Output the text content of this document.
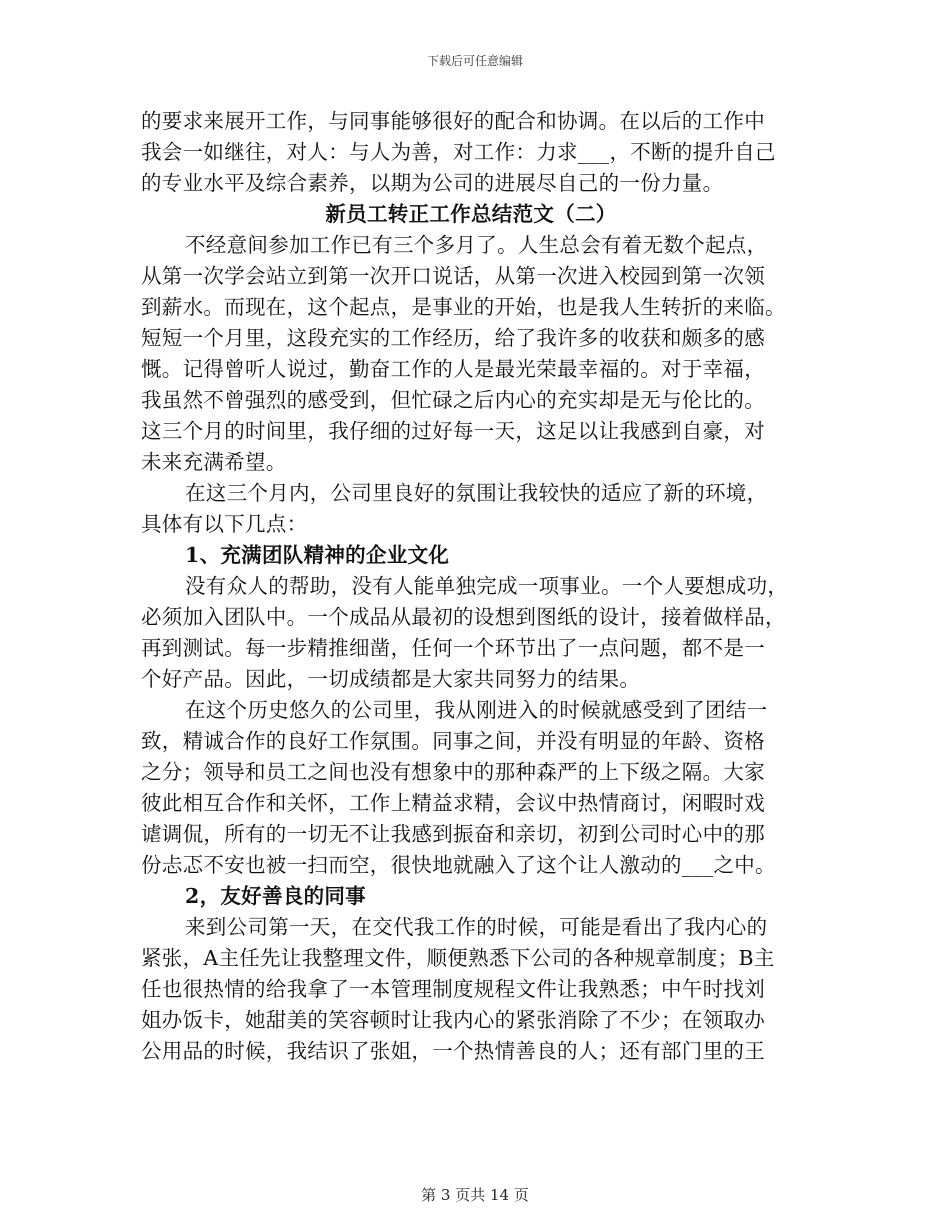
下载后可任意编辑
的要求来展开工作，与同事能够很好的配合和协调。在以后的工作中
我会一如继往，对人：与人为善，对工作：力求___，不断的提升自己
的专业水平及综合素养，以期为公司的进展尽自己的一份力量。
新员工转正工作总结范文（二）
不经意间参加工作已有三个多月了。人生总会有着无数个起点，
从第一次学会站立到第一次开口说话，从第一次进入校园到第一次领
到薪水。而现在，这个起点，是事业的开始，也是我人生转折的来临。
短短一个月里，这段充实的工作经历，给了我许多的收获和颇多的感
慨。记得曾听人说过，勤奋工作的人是最光荣最幸福的。对于幸福，
我虽然不曾强烈的感受到，但忙碌之后内心的充实却是无与伦比的。
这三个月的时间里，我仔细的过好每一天，这足以让我感到自豪，对
未来充满希望。
在这三个月内，公司里良好的氛围让我较快的适应了新的环境，
具体有以下几点：
1、充满团队精神的企业文化
没有众人的帮助，没有人能单独完成一项事业。一个人要想成功，
必须加入团队中。一个成品从最初的设想到图纸的设计，接着做样品，
再到测试。每一步精推细凿，任何一个环节出了一点问题，都不是一
个好产品。因此，一切成绩都是大家共同努力的结果。
在这个历史悠久的公司里，我从刚进入的时候就感受到了团结一
致，精诚合作的良好工作氛围。同事之间，并没有明显的年龄、资格
之分；领导和员工之间也没有想象中的那种森严的上下级之隔。大家
彼此相互合作和关怀，工作上精益求精，会议中热情商讨，闲暇时戏
谑调侃，所有的一切无不让我感到振奋和亲切，初到公司时心中的那
份忐忑不安也被一扫而空，很快地就融入了这个让人激动的___之中。
2，友好善良的同事
来到公司第一天，在交代我工作的时候，可能是看出了我内心的
紧张，A主任先让我整理文件，顺便熟悉下公司的各种规章制度；B主
任也很热情的给我拿了一本管理制度规程文件让我熟悉；中午时找刘
姐办饭卡，她甜美的笑容顿时让我内心的紧张消除了不少；在领取办
公用品的时候，我结识了张姐，一个热情善良的人；还有部门里的王
第 3 页共 14 页
